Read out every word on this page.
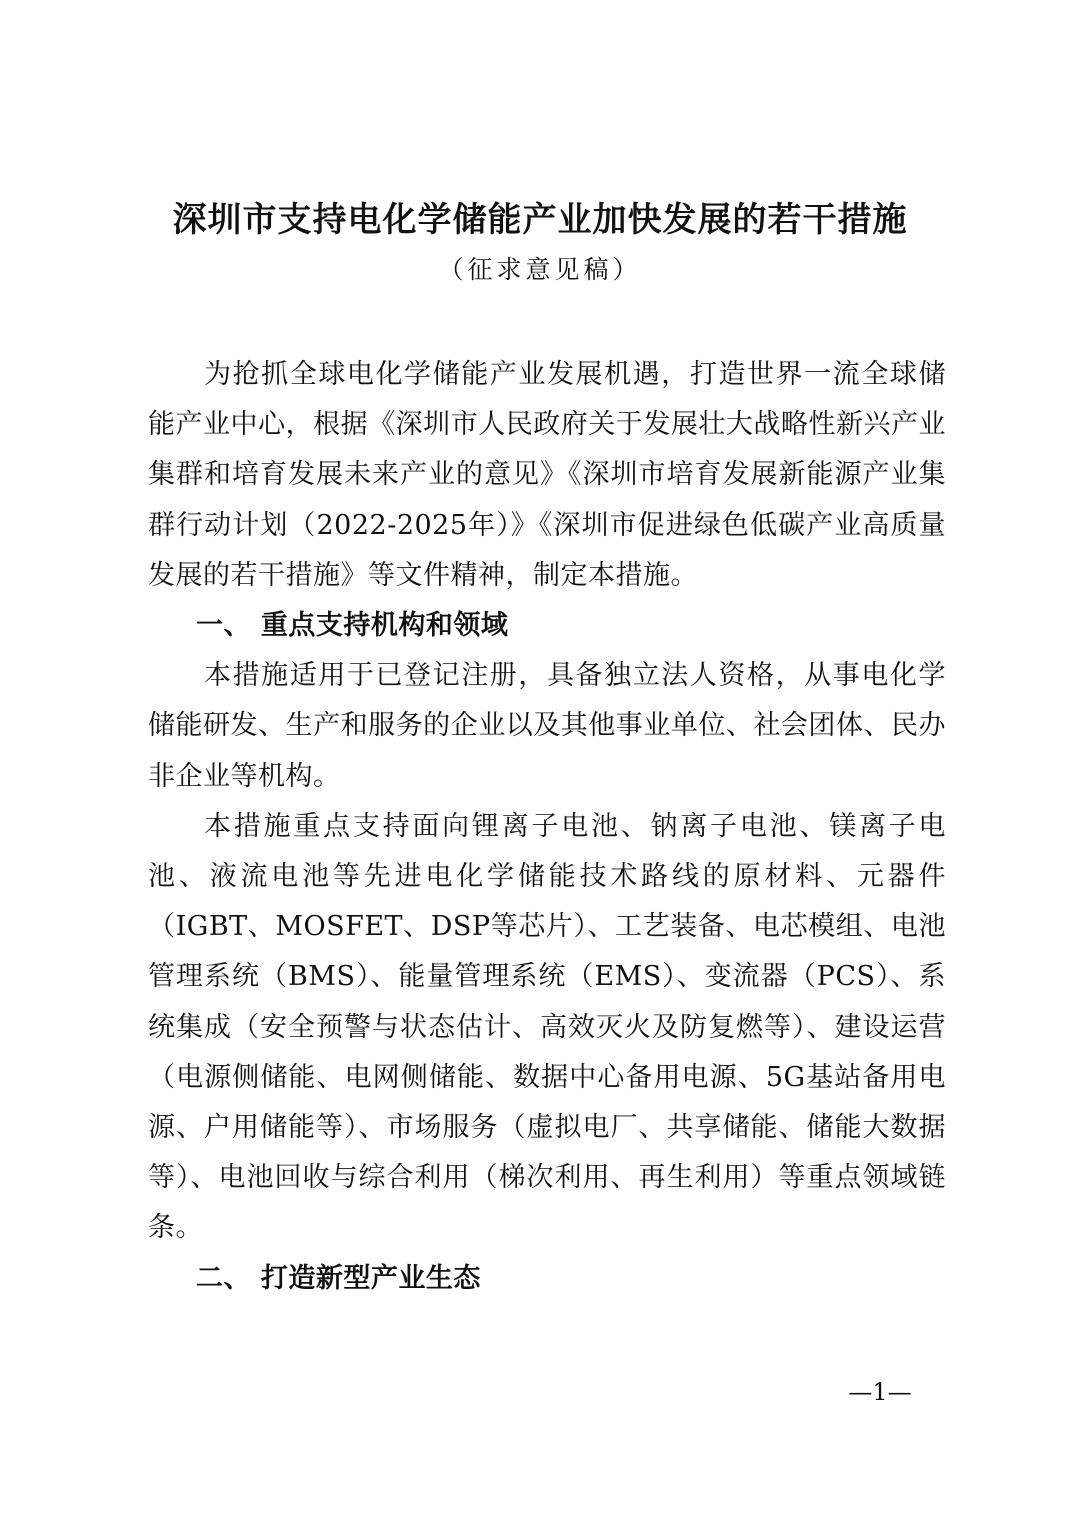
深圳市支持电化学储能产业加快发展的若干措施
（征求意见稿）

为抢抓全球电化学储能产业发展机遇，打造世界一流全球储能产业中心，根据《深圳市人民政府关于发展壮大战略性新兴产业集群和培育发展未来产业的意见》《深圳市培育发展新能源产业集群行动计划（2022-2025年）》《深圳市促进绿色低碳产业高质量发展的若干措施》等文件精神，制定本措施。

一、 重点支持机构和领域

本措施适用于已登记注册，具备独立法人资格，从事电化学储能研发、生产和服务的企业以及其他事业单位、社会团体、民办非企业等机构。

本措施重点支持面向锂离子电池、钠离子电池、镁离子电池、液流电池等先进电化学储能技术路线的原材料、元器件（IGBT、MOSFET、DSP等芯片）、工艺装备、电芯模组、电池管理系统（BMS）、能量管理系统（EMS）、变流器（PCS）、系统集成（安全预警与状态估计、高效灭火及防复燃等）、建设运营（电源侧储能、电网侧储能、数据中心备用电源、5G基站备用电源、户用储能等）、市场服务（虚拟电厂、共享储能、储能大数据等）、电池回收与综合利用（梯次利用、再生利用）等重点领域链条。

二、 打造新型产业生态

—1—
